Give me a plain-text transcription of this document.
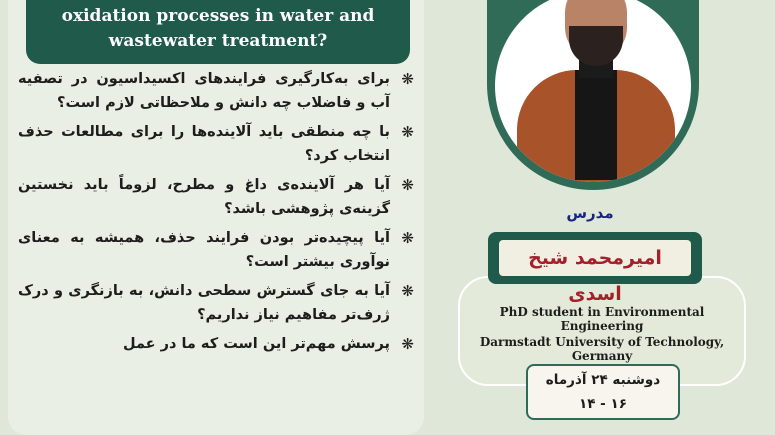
oxidation processes in water and
wastewater treatment?
❋
برای به‌کارگیری فرایندهای اکسیداسیون در تصفیه آب و فاضلاب چه دانش و ملاحظاتی لازم است؟
❋
با چه منطقی باید آلاینده‌ها را برای مطالعات حذف انتخاب کرد؟
❋
آیا هر آلاینده‌ی داغ و مطرح، لزوماً باید نخستین گزینه‌ی پژوهشی باشد؟
❋
آیا پیچیده‌تر بودن فرایند حذف، همیشه به معنای نوآوری بیشتر است؟
❋
آیا به جای گسترش سطحی دانش، به بازنگری و درک ژرف‌تر مفاهیم نیاز نداریم؟
❋
پرسش مهم‌تر این است که ما در عمل
مدرس
PhD student in Environmental Engineering
Darmstadt University of Technology, Germany
امیرمحمد شیخ اسدی
دوشنبه ۲۴ آذرماه
۱۶ - ۱۴
